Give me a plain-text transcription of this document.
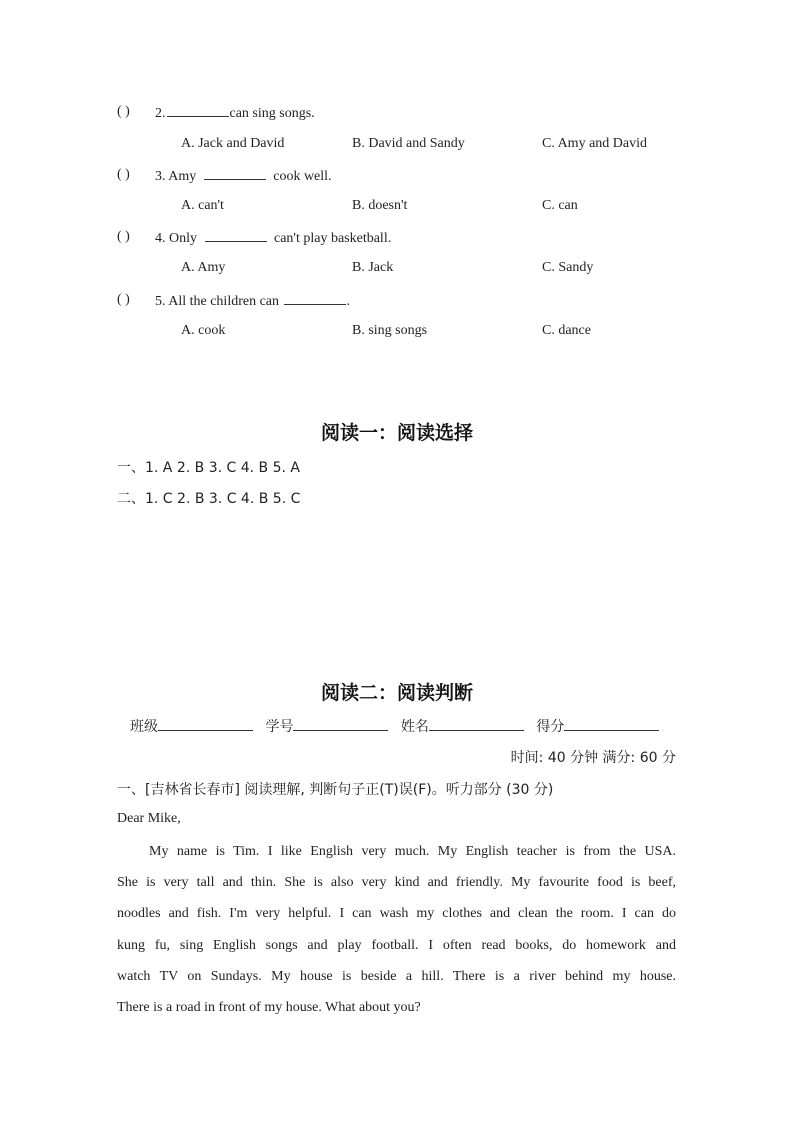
( ) 2.	can sing songs.
A. Jack and David	B. David and Sandy	C. Amy and David
( ) 3. Amy	cook well.
A. can't	B. doesn't	C. can
( ) 4. Only	can't play basketball.
A. Amy	B. Jack	C. Sandy
( ) 5. All the children can	.
A. cook	B. sing songs	C. dance
阅读一：阅读选择
一、1. A 2. B 3. C 4. B 5. A
二、1. C 2. B 3. C 4. B 5. C
阅读二：阅读判断
班级	学号	姓名	得分
时间: 40 分钟 满分: 60 分
一、[吉林省长春市] 阅读理解, 判断句子正(T)误(F)。听力部分 (30 分)
Dear Mike,
My name is Tim. I like English very much. My English teacher is from the USA.
She is very tall and thin. She is also very kind and friendly. My favourite food is beef,
noodles and fish. I'm very helpful. I can wash my clothes and clean the room. I can do
kung fu, sing English songs and play football. I often read books, do homework and
watch TV on Sundays. My house is beside a hill. There is a river behind my house.
There is a road in front of my house. What about you?
